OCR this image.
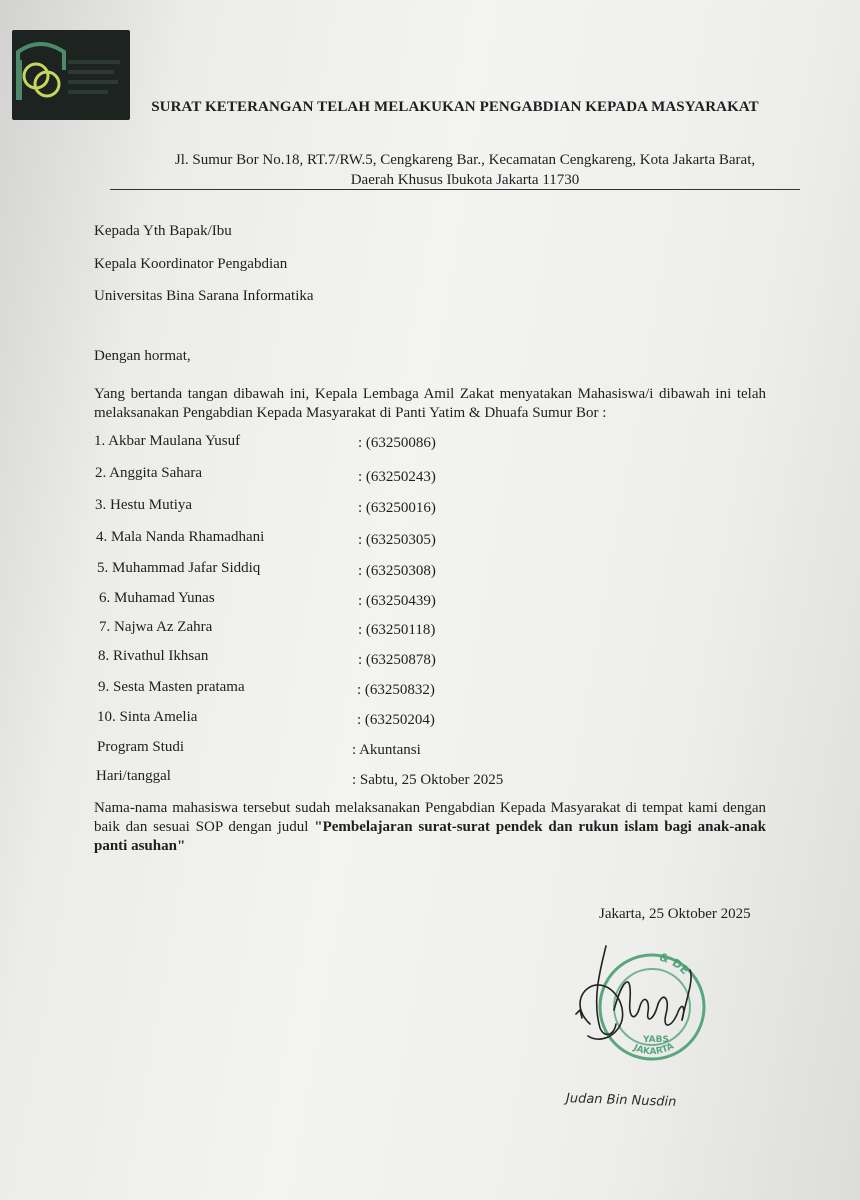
SURAT KETERANGAN TELAH MELAKUKAN PENGABDIAN KEPADA MASYARAKAT
Jl. Sumur Bor No.18, RT.7/RW.5, Cengkareng Bar., Kecamatan Cengkareng, Kota Jakarta Barat,
Daerah Khusus Ibukota Jakarta 11730
Kepada Yth Bapak/Ibu
Kepala Koordinator Pengabdian
Universitas Bina Sarana Informatika
Dengan hormat,
Yang bertanda tangan dibawah ini, Kepala Lembaga Amil Zakat menyatakan Mahasiswa/i dibawah ini telah melaksanakan Pengabdian Kepada Masyarakat di Panti Yatim & Dhuafa Sumur Bor :
1. Akbar Maulana Yusuf	: (63250086)
2. Anggita Sahara	: (63250243)
3. Hestu Mutiya	: (63250016)
4. Mala Nanda Rhamadhani	: (63250305)
5. Muhammad Jafar Siddiq	: (63250308)
6. Muhamad Yunas	: (63250439)
7. Najwa Az Zahra	: (63250118)
8. Rivathul Ikhsan	: (63250878)
9. Sesta Masten pratama	: (63250832)
10. Sinta Amelia	: (63250204)
Program Studi	: Akuntansi
Hari/tanggal	: Sabtu, 25 Oktober 2025
Nama-nama mahasiswa tersebut sudah melaksanakan Pengabdian Kepada Masyarakat di tempat kami dengan baik dan sesuai SOP dengan judul "Pembelajaran surat-surat pendek dan rukun islam bagi anak-anak panti asuhan"
Jakarta, 25 Oktober 2025
& DE
JAKARTA
YABS
Judan Bin Nusdin
